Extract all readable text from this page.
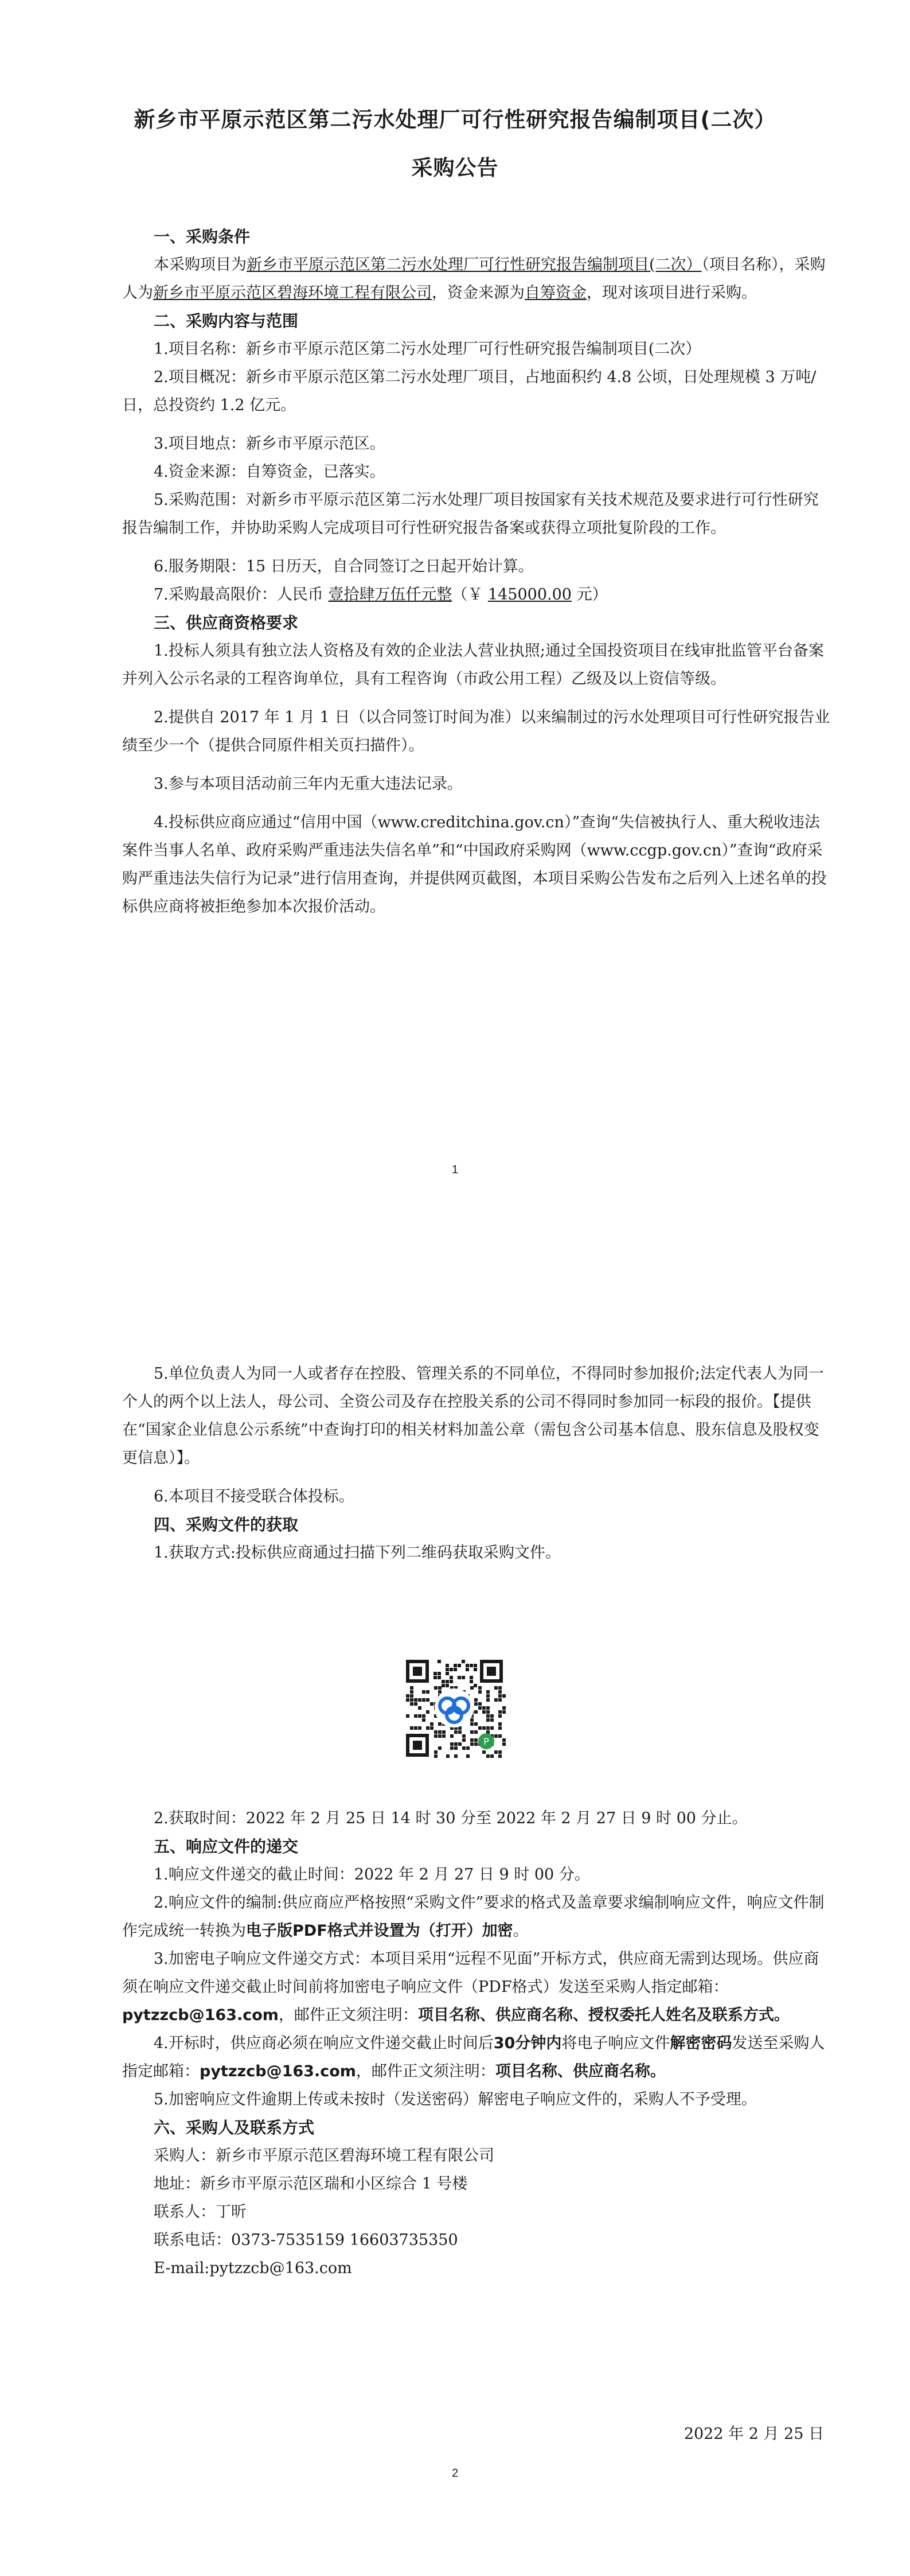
新乡市平原示范区第二污水处理厂可行性研究报告编制项目(二次）
采购公告

一、采购条件

本采购项目为新乡市平原示范区第二污水处理厂可行性研究报告编制项目(二次）（项目名称），采购人为新乡市平原示范区碧海环境工程有限公司，资金来源为自筹资金，现对该项目进行采购。

二、采购内容与范围

1.项目名称：新乡市平原示范区第二污水处理厂可行性研究报告编制项目(二次）

2.项目概况：新乡市平原示范区第二污水处理厂项目，占地面积约 4.8 公顷，日处理规模 3 万吨/日，总投资约 1.2 亿元。

3.项目地点：新乡市平原示范区。

4.资金来源：自筹资金，已落实。

5.采购范围：对新乡市平原示范区第二污水处理厂项目按国家有关技术规范及要求进行可行性研究报告编制工作，并协助采购人完成项目可行性研究报告备案或获得立项批复阶段的工作。

6.服务期限：15 日历天，自合同签订之日起开始计算。

7.采购最高限价：人民币 壹拾肆万伍仟元整（￥ 145000.00 元）

三、供应商资格要求

1.投标人须具有独立法人资格及有效的企业法人营业执照;通过全国投资项目在线审批监管平台备案并列入公示名录的工程咨询单位，具有工程咨询（市政公用工程）乙级及以上资信等级。

2.提供自 2017 年 1 月 1 日（以合同签订时间为准）以来编制过的污水处理项目可行性研究报告业绩至少一个（提供合同原件相关页扫描件）。

3.参与本项目活动前三年内无重大违法记录。

4.投标供应商应通过“信用中国（www.creditchina.gov.cn）”查询“失信被执行人、重大税收违法案件当事人名单、政府采购严重违法失信名单”和“中国政府采购网（www.ccgp.gov.cn）”查询“政府采购严重违法失信行为记录”进行信用查询，并提供网页截图，本项目采购公告发布之后列入上述名单的投标供应商将被拒绝参加本次报价活动。

1

5.单位负责人为同一人或者存在控股、管理关系的不同单位，不得同时参加报价;法定代表人为同一个人的两个以上法人，母公司、全资公司及存在控股关系的公司不得同时参加同一标段的报价。【提供在“国家企业信息公示系统”中查询打印的相关材料加盖公章（需包含公司基本信息、股东信息及股权变更信息）】。

6.本项目不接受联合体投标。

四、采购文件的获取

1.获取方式:投标供应商通过扫描下列二维码获取采购文件。

P

2.获取时间：2022 年 2 月 25 日 14 时 30 分至 2022 年 2 月 27 日 9 时 00 分止。

五、响应文件的递交

1.响应文件递交的截止时间：2022 年 2 月 27 日 9 时 00 分。

2.响应文件的编制:供应商应严格按照“采购文件”要求的格式及盖章要求编制响应文件，响应文件制作完成统一转换为电子版PDF格式并设置为（打开）加密。

3.加密电子响应文件递交方式：本项目采用“远程不见面”开标方式，供应商无需到达现场。供应商须在响应文件递交截止时间前将加密电子响应文件（PDF格式）发送至采购人指定邮箱：pytzzcb@163.com，邮件正文须注明：项目名称、供应商名称、授权委托人姓名及联系方式。

4.开标时，供应商必须在响应文件递交截止时间后30分钟内将电子响应文件解密密码发送至采购人指定邮箱：pytzzcb@163.com，邮件正文须注明：项目名称、供应商名称。

5.加密响应文件逾期上传或未按时（发送密码）解密电子响应文件的，采购人不予受理。

六、采购人及联系方式

采购人：新乡市平原示范区碧海环境工程有限公司

地址：新乡市平原示范区瑞和小区综合 1 号楼

联系人：丁昕

联系电话：0373-7535159 16603735350

E-mail:pytzzcb@163.com

2022 年 2 月 25 日
2
